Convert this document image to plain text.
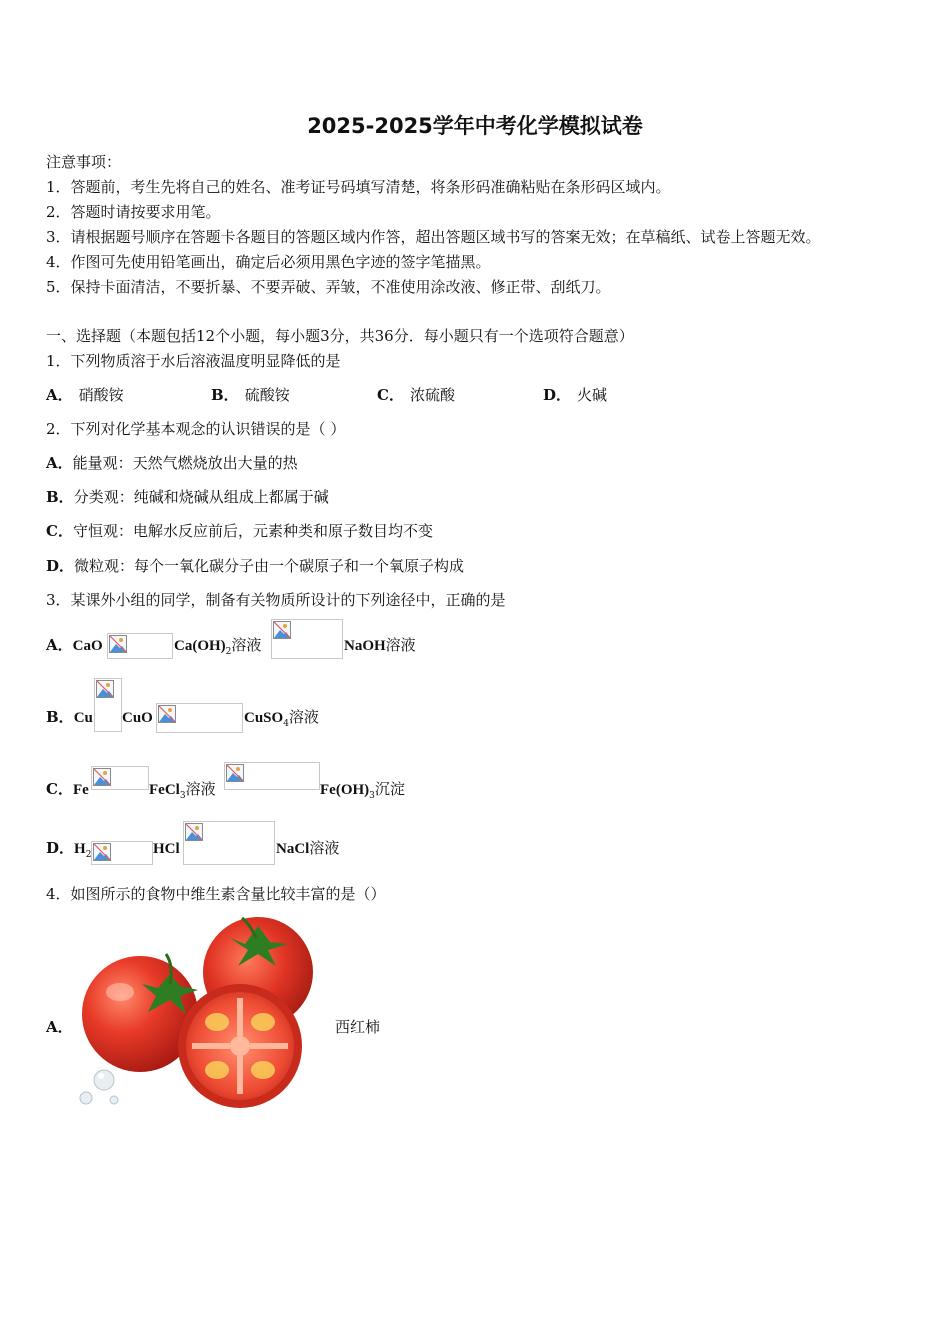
2025-2025学年中考化学模拟试卷
注意事项：
1．答题前，考生先将自己的姓名、准考证号码填写清楚，将条形码准确粘贴在条形码区域内。
2．答题时请按要求用笔。
3．请根据题号顺序在答题卡各题目的答题区域内作答，超出答题区域书写的答案无效；在草稿纸、试卷上答题无效。
4．作图可先使用铅笔画出，确定后必须用黑色字迹的签字笔描黑。
5．保持卡面清洁，不要折暴、不要弄破、弄皱，不准使用涂改液、修正带、刮纸刀。
一、选择题（本题包括12个小题，每小题3分，共36分．每小题只有一个选项符合题意）
1．下列物质溶于水后溶液温度明显降低的是
A． 硝酸铵	B． 硫酸铵	C． 浓硫酸	D． 火碱
2．下列对化学基本观念的认识错误的是（ ）
A．能量观：天然气燃烧放出大量的热
B．分类观：纯碱和烧碱从组成上都属于碱
C．守恒观：电解水反应前后，元素种类和原子数目均不变
D．微粒观：每个一氧化碳分子由一个碳原子和一个氧原子构成
3．某课外小组的同学，制备有关物质所设计的下列途径中，正确的是
A．CaO	$Ca(OH)_2$溶液	NaOH溶液
B．Cu CuO	CuSO$_4$溶液
C．Fe	FeCl$_3$溶液	$Fe(OH)_3$沉淀
D．$H_2$	HCl	NaCl溶液
4．如图所示的食物中维生素含量比较丰富的是（）
A．	西红柿
